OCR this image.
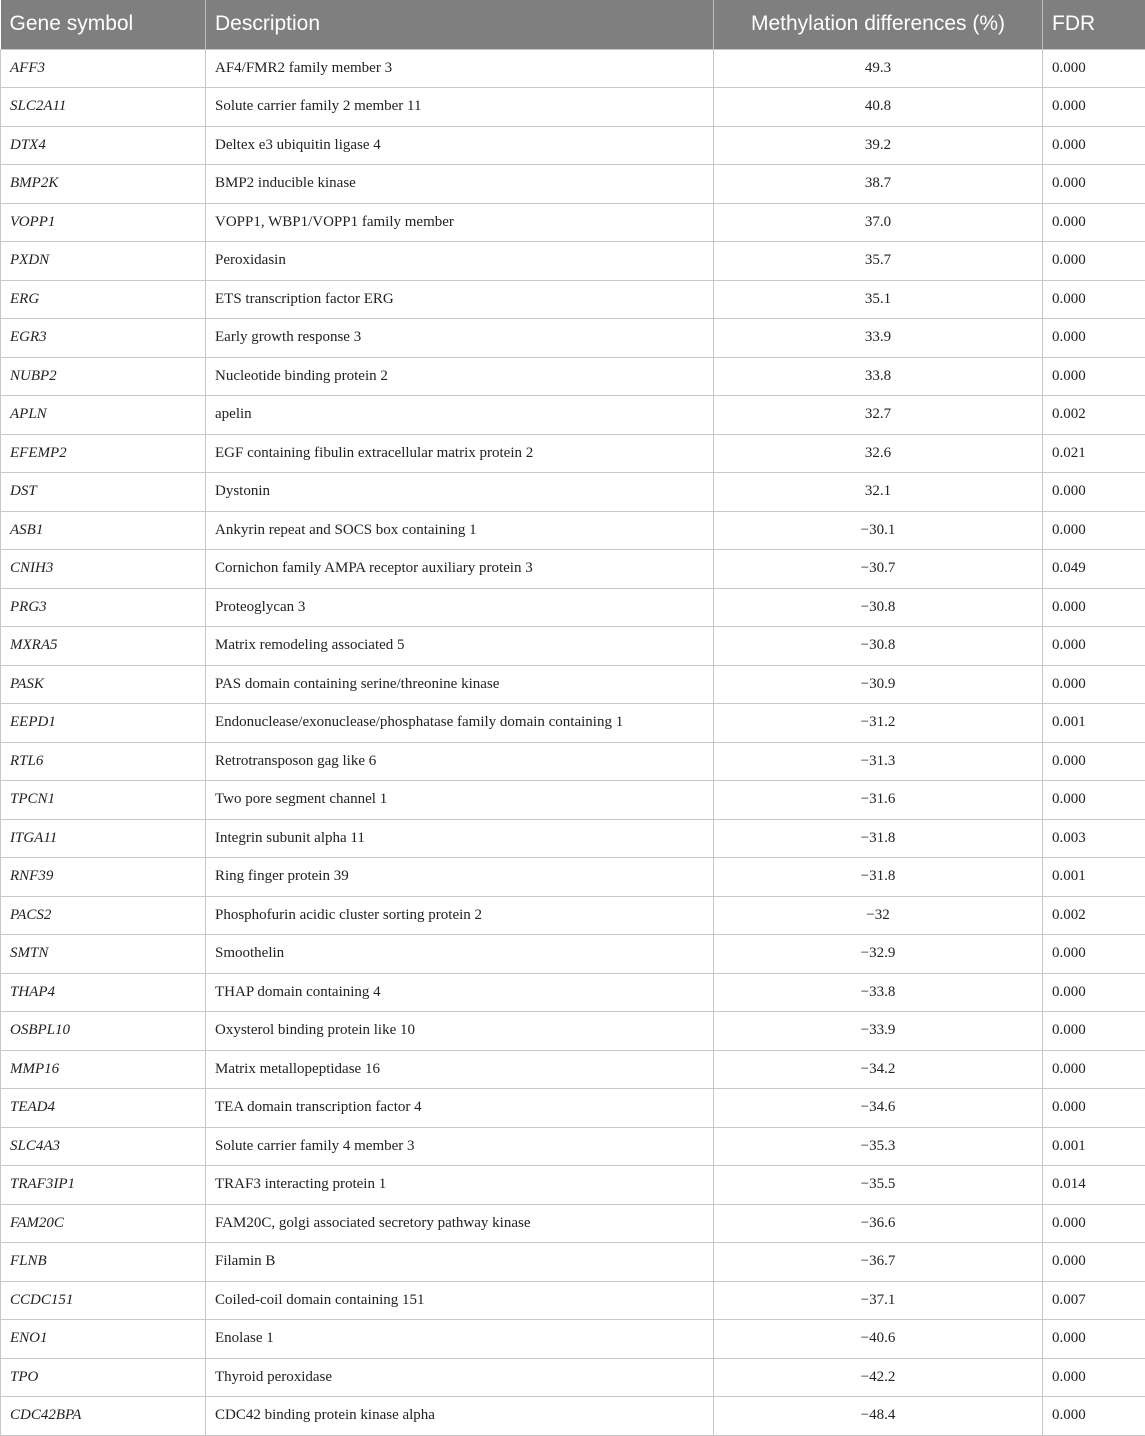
Gene symbol	Description	Methylation differences (%)	FDR
AFF3	AF4/FMR2 family member 3	49.3	0.000
SLC2A11	Solute carrier family 2 member 11	40.8	0.000
DTX4	Deltex e3 ubiquitin ligase 4	39.2	0.000
BMP2K	BMP2 inducible kinase	38.7	0.000
VOPP1	VOPP1, WBP1/VOPP1 family member	37.0	0.000
PXDN	Peroxidasin	35.7	0.000
ERG	ETS transcription factor ERG	35.1	0.000
EGR3	Early growth response 3	33.9	0.000
NUBP2	Nucleotide binding protein 2	33.8	0.000
APLN	apelin	32.7	0.002
EFEMP2	EGF containing fibulin extracellular matrix protein 2	32.6	0.021
DST	Dystonin	32.1	0.000
ASB1	Ankyrin repeat and SOCS box containing 1	−30.1	0.000
CNIH3	Cornichon family AMPA receptor auxiliary protein 3	−30.7	0.049
PRG3	Proteoglycan 3	−30.8	0.000
MXRA5	Matrix remodeling associated 5	−30.8	0.000
PASK	PAS domain containing serine/threonine kinase	−30.9	0.000
EEPD1	Endonuclease/exonuclease/phosphatase family domain containing 1	−31.2	0.001
RTL6	Retrotransposon gag like 6	−31.3	0.000
TPCN1	Two pore segment channel 1	−31.6	0.000
ITGA11	Integrin subunit alpha 11	−31.8	0.003
RNF39	Ring finger protein 39	−31.8	0.001
PACS2	Phosphofurin acidic cluster sorting protein 2	−32	0.002
SMTN	Smoothelin	−32.9	0.000
THAP4	THAP domain containing 4	−33.8	0.000
OSBPL10	Oxysterol binding protein like 10	−33.9	0.000
MMP16	Matrix metallopeptidase 16	−34.2	0.000
TEAD4	TEA domain transcription factor 4	−34.6	0.000
SLC4A3	Solute carrier family 4 member 3	−35.3	0.001
TRAF3IP1	TRAF3 interacting protein 1	−35.5	0.014
FAM20C	FAM20C, golgi associated secretory pathway kinase	−36.6	0.000
FLNB	Filamin B	−36.7	0.000
CCDC151	Coiled-coil domain containing 151	−37.1	0.007
ENO1	Enolase 1	−40.6	0.000
TPO	Thyroid peroxidase	−42.2	0.000
CDC42BPA	CDC42 binding protein kinase alpha	−48.4	0.000
